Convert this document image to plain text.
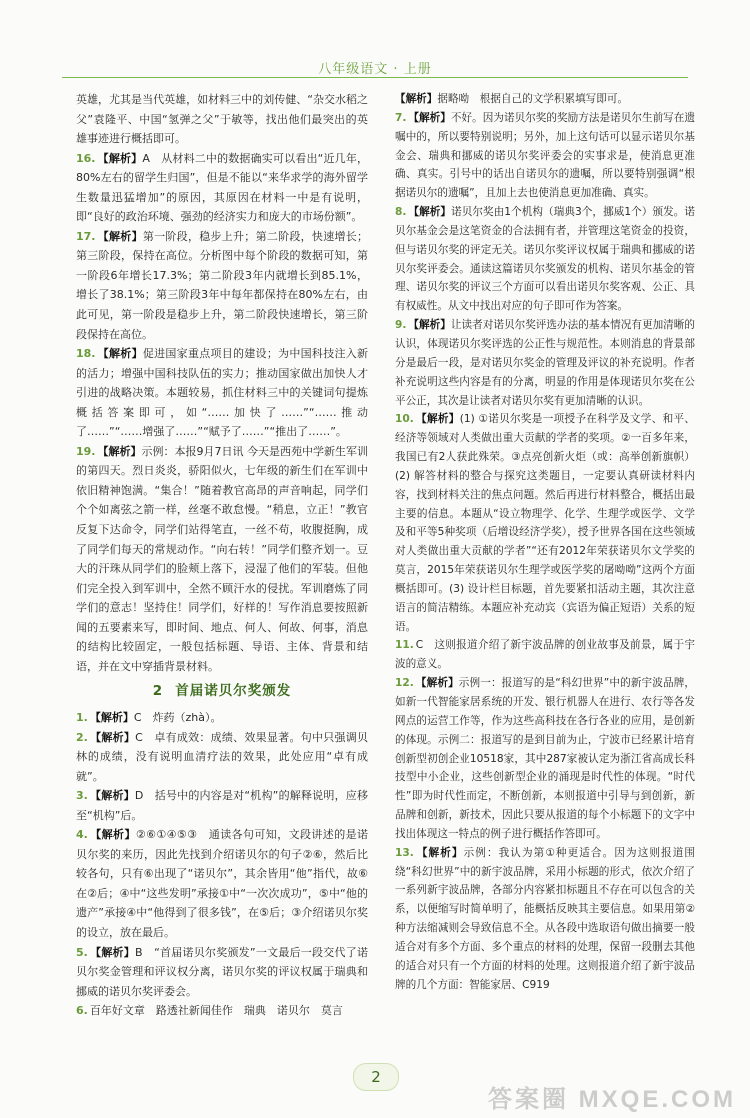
八年级语文 · 上册
英雄，尤其是当代英雄，如材料三中的刘传健、“杂交水稻之父”袁隆平、中国“氢弹之父”于敏等，找出他们最突出的英雄事迹进行概括即可。
16. 【解析】A　从材料二中的数据确实可以看出“近几年，80%左右的留学生归国”，但是不能以“来华求学的海外留学生数量迅猛增加”的原因，其原因在材料一中是有说明，即“良好的政治环境、强劲的经济实力和庞大的市场份额”。
17. 【解析】第一阶段，稳步上升；第二阶段，快速增长；第三阶段，保持在高位。分析图中每个阶段的数据可知，第一阶段6年增长17.3%；第二阶段3年内就增长到85.1%，增长了38.1%；第三阶段3年中每年都保持在80%左右，由此可见，第一阶段是稳步上升，第二阶段快速增长，第三阶段保持在高位。
18. 【解析】促进国家重点项目的建设；为中国科技注入新的活力；增强中国科技队伍的实力；推动国家做出加快人才引进的战略决策。本题较易，抓住材料三中的关键词句提炼概括答案即可，如“……加快了……”“……推动了……”“……增强了……”“赋予了……”“推出了……”。
19. 【解析】示例：本报9月7日讯 今天是西苑中学新生军训的第四天。烈日炎炎，骄阳似火，七年级的新生们在军训中依旧精神饱满。“集合！”随着教官高昂的声音响起，同学们个个如离弦之箭一样，丝毫不敢怠慢。“稍息，立正！”教官反复下达命令，同学们站得笔直，一丝不苟，收腹挺胸，成了同学们每天的常规动作。“向右转！”同学们整齐划一。豆大的汗珠从同学们的脸颊上落下，浸湿了他们的军装。但他们完全投入到军训中，全然不顾汗水的侵扰。军训磨炼了同学们的意志！坚持住！同学们，好样的！写作消息要按照新闻的五要素来写，即时间、地点、何人、何故、何事，消息的结构比较固定，一般包括标题、导语、主体、背景和结语，并在文中穿插背景材料。
2 首届诺贝尔奖颁发
1. 【解析】C　炸药（zhà）。
2. 【解析】C　卓有成效：成绩、效果显著。句中只强调贝林的成绩，没有说明血清疗法的效果，此处应用“卓有成就”。
3. 【解析】D　括号中的内容是对“机构”的解释说明，应移至“机构”后。
4. 【解析】②⑥①④⑤③　通读各句可知，文段讲述的是诺贝尔奖的来历，因此先找到介绍诺贝尔的句子②⑥，然后比较各句，只有⑥出现了“诺贝尔”，其余皆用“他”指代，故⑥在②后；④中“这些发明”承接①中“一次次成功”，⑤中“他的遗产”承接④中“他得到了很多钱”，在⑤后；③介绍诺贝尔奖的设立，放在最后。
5. 【解析】B　“首届诺贝尔奖颁发”一文最后一段交代了诺贝尔奖金管理和评议权分离，诺贝尔奖的评议权属于瑞典和挪威的诺贝尔奖评委会。
6. 百年好文章　路透社新闻佳作　瑞典　诺贝尔　莫言
【解析】据略呦　根据自己的文学积累填写即可。
7. 【解析】不好。因为诺贝尔奖的奖励方法是诺贝尔生前写在遗嘱中的，所以要特别说明；另外，加上这句话可以显示诺贝尔基金会、瑞典和挪威的诺贝尔奖评委会的实事求是，使消息更准确、真实。引号中的话出自诺贝尔的遗嘱，所以要特别强调“根据诺贝尔的遗嘱”，且加上去也使消息更加准确、真实。
8. 【解析】诺贝尔奖由1个机构（瑞典3个，挪威1个）颁发。诺贝尔基金会是这笔资金的合法拥有者，并管理这笔资金的投资，但与诺贝尔奖的评定无关。诺贝尔奖评议权属于瑞典和挪威的诺贝尔奖评委会。通读这篇诺贝尔奖颁发的机构、诺贝尔基金的管理、诺贝尔奖的评议三个方面可以看出诺贝尔奖客观、公正、具有权威性。从文中找出对应的句子即可作为答案。
9. 【解析】让读者对诺贝尔奖评选办法的基本情况有更加清晰的认识，体现诺贝尔奖评选的公正性与规范性。本则消息的背景部分是最后一段，是对诺贝尔奖金的管理及评议的补充说明。作者补充说明这些内容是有的分离，明显的作用是体现诺贝尔奖在公平公正，其次是让读者对诺贝尔奖有更加清晰的认识。
10. 【解析】(1) ①诺贝尔奖是一项授予在科学及文学、和平、经济等领域对人类做出重大贡献的学者的奖项。②一百多年来，我国已有2人获此殊荣。③点亮创新火炬（或：高举创新旗帜）(2) 解答材料的整合与探究这类题目，一定要认真研读材料内容，找到材料关注的焦点问题。然后再进行材料整合，概括出最主要的信息。本题从“设立物理学、化学、生理学或医学、文学及和平等5种奖项（后增设经济学奖），授予世界各国在这些领域对人类做出重大贡献的学者”“还有2012年荣获诺贝尔文学奖的莫言，2015年荣获诺贝尔生理学或医学奖的屠呦呦”这两个方面概括即可。(3) 设计栏目标题，首先要紧扣活动主题，其次注意语言的简洁精练。本题应补充动宾（宾语为偏正短语）关系的短语。
11. C　这则报道介绍了新宇波品牌的创业故事及前景，属于宇波的意义。
12. 【解析】示例一：报道写的是“科幻世界”中的新宇波品牌，如新一代智能家居系统的开发、银行机器人在进行、农行等各发网点的运营工作等，作为这些高科技在各行各业的应用，是创新的体现。示例二：报道写的是到目前为止，宁波市已经累计培育创新型初创企业10518家，其中287家被认定为浙江省高成长科技型中小企业，这些创新型企业的涌现是时代性的体现。“时代性”即为时代性而定，不断创新，本则报道中引导与到创新，新品牌和创新，新技术，因此只要从报道的每个小标题下的文字中找出体现这一特点的例子进行概括作答即可。
13. 【解析】示例：我认为第①种更适合。因为这则报道围绕“科幻世界”中的新宇波品牌，采用小标题的形式，依次介绍了一系列新宇波品牌，各部分内容紧扣标题且不存在可以包含的关系，以便缩写时简单明了，能概括反映其主要信息。如果用第②种方法缩减则会导致信息不全。从各段中选取语句做出摘要一般适合对有多个方面、多个重点的材料的处理，保留一段删去其他的适合对只有一个方面的材料的处理。这则报道介绍了新宇波品牌的几个方面：智能家居、C919
2
答案圈 MXQE.COM
